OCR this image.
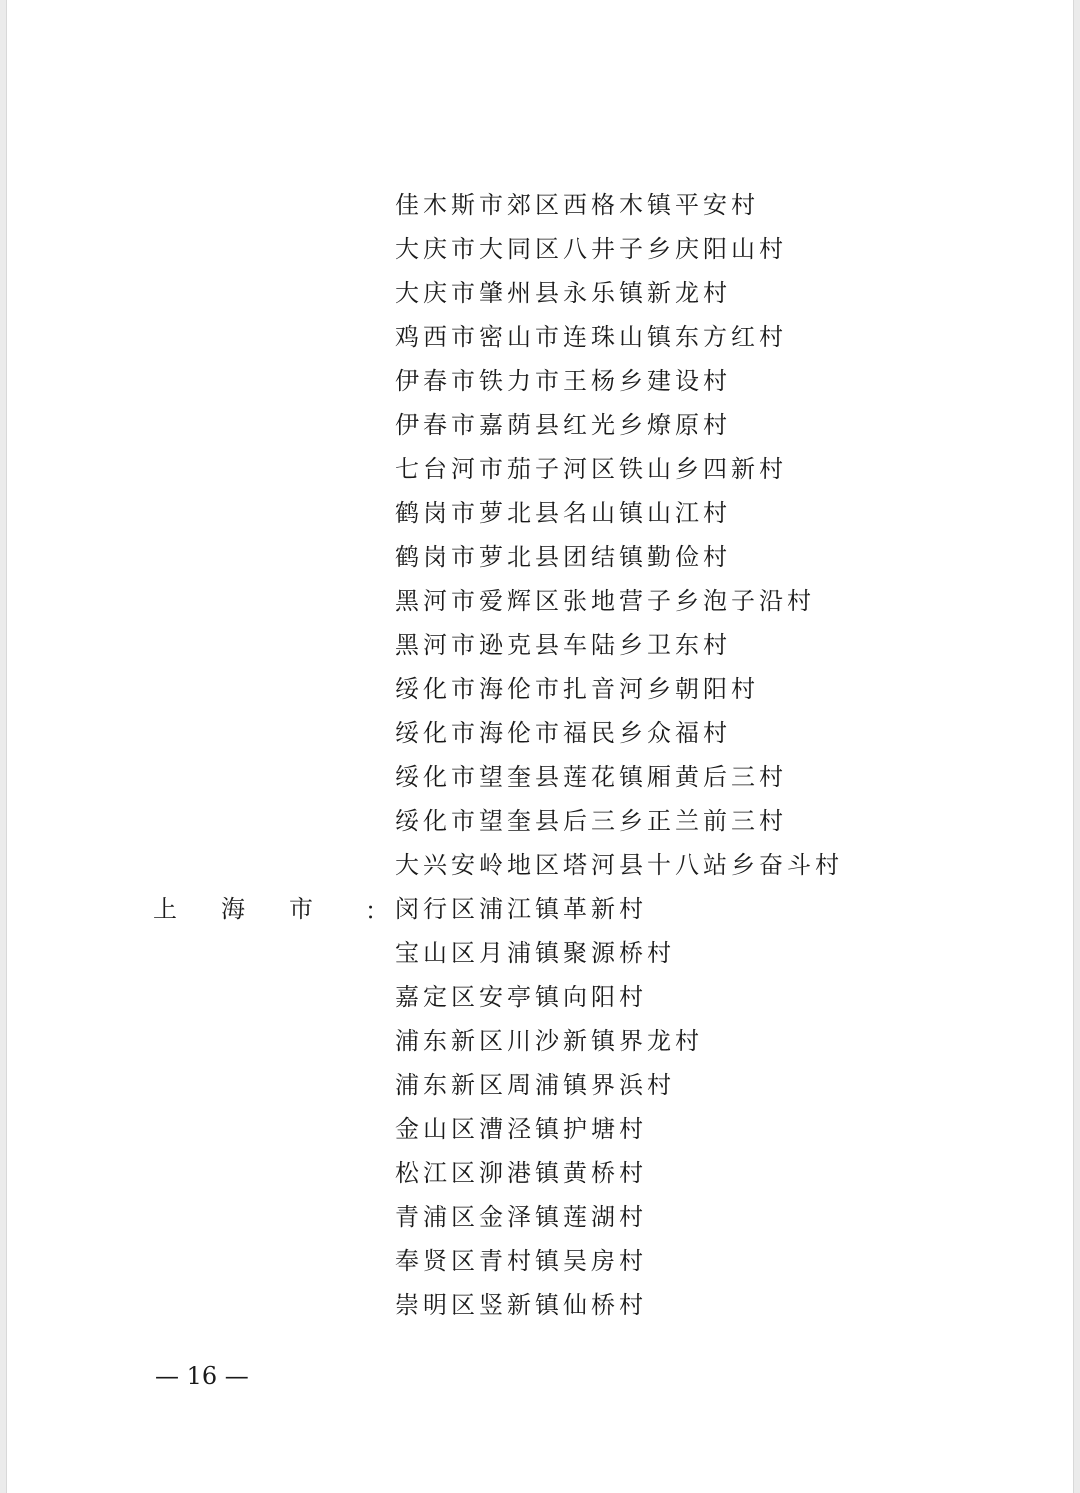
佳木斯市郊区西格木镇平安村
大庆市大同区八井子乡庆阳山村
大庆市肇州县永乐镇新龙村
鸡西市密山市连珠山镇东方红村
伊春市铁力市王杨乡建设村
伊春市嘉荫县红光乡燎原村
七台河市茄子河区铁山乡四新村
鹤岗市萝北县名山镇山江村
鹤岗市萝北县团结镇勤俭村
黑河市爱辉区张地营子乡泡子沿村
黑河市逊克县车陆乡卫东村
绥化市海伦市扎音河乡朝阳村
绥化市海伦市福民乡众福村
绥化市望奎县莲花镇厢黄后三村
绥化市望奎县后三乡正兰前三村
大兴安岭地区塔河县十八站乡奋斗村
闵行区浦江镇革新村
宝山区月浦镇聚源桥村
嘉定区安亭镇向阳村
浦东新区川沙新镇界龙村
浦东新区周浦镇界浜村
金山区漕泾镇护塘村
松江区泖港镇黄桥村
青浦区金泽镇莲湖村
奉贤区青村镇吴房村
崇明区竖新镇仙桥村
上海市 ：
— 16 —
